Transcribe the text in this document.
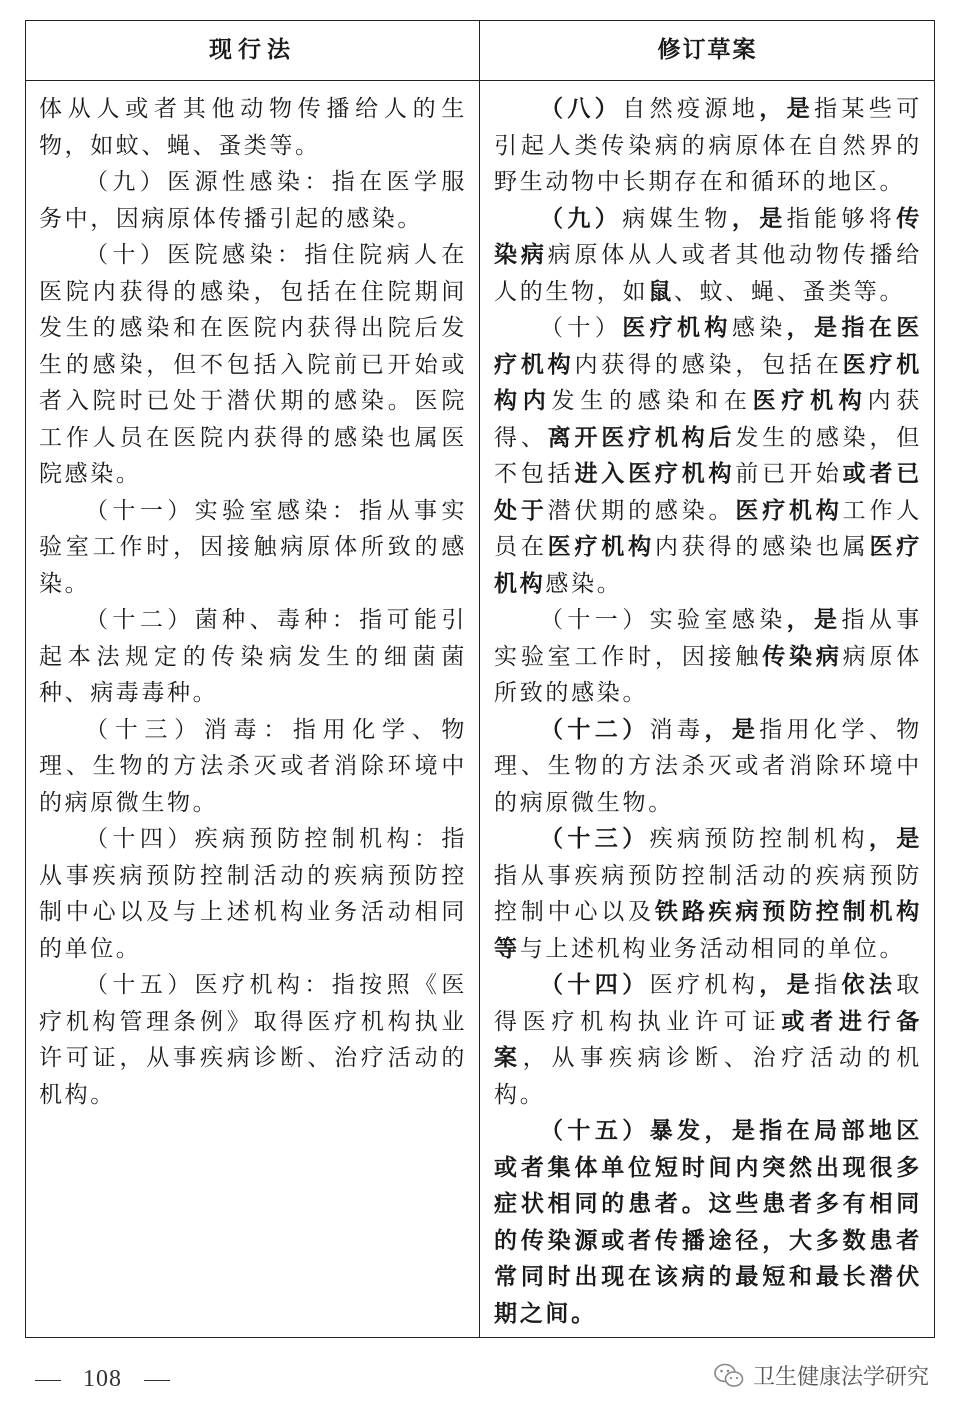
现行法	修订草案

体从人或者其他动物传播给人的生物，如蚊、蝇、蚤类等。

（九）医源性感染：指在医学服务中，因病原体传播引起的感染。

（十）医院感染：指住院病人在医院内获得的感染，包括在住院期间发生的感染和在医院内获得出院后发生的感染，但不包括入院前已开始或者入院时已处于潜伏期的感染。医院工作人员在医院内获得的感染也属医院感染。

（十一）实验室感染：指从事实验室工作时，因接触病原体所致的感染。

（十二）菌种、毒种：指可能引起本法规定的传染病发生的细菌菌种、病毒毒种。

（十三）消毒：指用化学、物理、生物的方法杀灭或者消除环境中的病原微生物。

（十四）疾病预防控制机构：指从事疾病预防控制活动的疾病预防控制中心以及与上述机构业务活动相同的单位。

（十五）医疗机构：指按照《医疗机构管理条例》取得医疗机构执业许可证，从事疾病诊断、治疗活动的机构。

（八）自然疫源地，是指某些可引起人类传染病的病原体在自然界的野生动物中长期存在和循环的地区。

（九）病媒生物，是指能够将传染病病原体从人或者其他动物传播给人的生物，如鼠、蚊、蝇、蚤类等。

（十）医疗机构感染，是指在医疗机构内获得的感染，包括在医疗机构内发生的感染和在医疗机构内获得、离开医疗机构后发生的感染，但不包括进入医疗机构前已开始或者已处于潜伏期的感染。医疗机构工作人员在医疗机构内获得的感染也属医疗机构感染。

（十一）实验室感染，是指从事实验室工作时，因接触传染病病原体所致的感染。

（十二）消毒，是指用化学、物理、生物的方法杀灭或者消除环境中的病原微生物。

（十三）疾病预防控制机构，是指从事疾病预防控制活动的疾病预防控制中心以及铁路疾病预防控制机构等与上述机构业务活动相同的单位。

（十四）医疗机构，是指依法取得医疗机构执业许可证或者进行备案，从事疾病诊断、治疗活动的机构。

（十五）暴发，是指在局部地区或者集体单位短时间内突然出现很多症状相同的患者。这些患者多有相同的传染源或者传播途径，大多数患者常同时出现在该病的最短和最长潜伏期之间。

108	卫生健康法学研究
